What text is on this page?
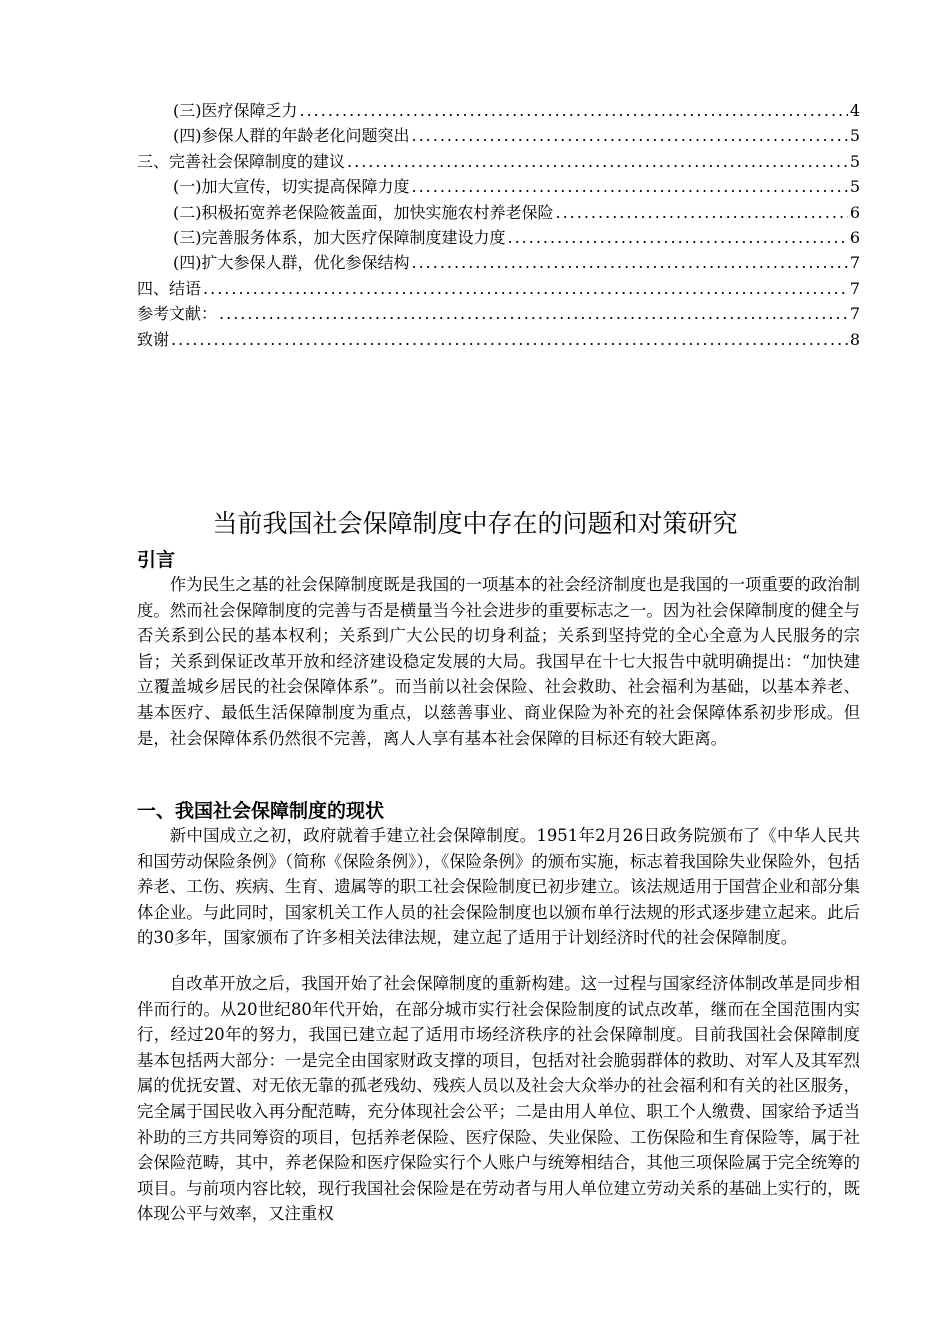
(三)医疗保障乏力 .....	4
(四)参保人群的年龄老化问题突出 .....	5
三、完善社会保障制度的建议 .....	5
(一)加大宣传，切实提高保障力度 .....	5
(二)积极拓宽养老保险筱盖面，加快实施农村养老保险 .....	6
(三)完善服务体系，加大医疗保障制度建设力度 .....	6
(四)扩大参保人群，优化参保结构 .....	7
四、结语 .....	7
参考文献： .....	7
致谢 .....	8
当前我国社会保障制度中存在的问题和对策研究
引言

作为民生之基的社会保障制度既是我国的一项基本的社会经济制度也是我国的一项重要的政治制度。然而社会保障制度的完善与否是横量当今社会进步的重要标志之一。因为社会保障制度的健全与否关系到公民的基本权利；关系到广大公民的切身利益；关系到坚持党的全心全意为人民服务的宗旨；关系到保证改革开放和经济建设稳定发展的大局。我国早在十七大报告中就明确提出：“加快建立覆盖城乡居民的社会保障体系”。而当前以社会保险、社会救助、社会福利为基础，以基本养老、基本医疗、最低生活保障制度为重点，以慈善事业、商业保险为补充的社会保障体系初步形成。但是，社会保障体系仍然很不完善，离人人享有基本社会保障的目标还有较大距离。

一、我国社会保障制度的现状

新中国成立之初，政府就着手建立社会保障制度。1951年2月26日政务院颁布了《中华人民共和国劳动保险条例》（简称《保险条例》），《保险条例》的颁布实施，标志着我国除失业保险外，包括养老、工伤、疾病、生育、遗属等的职工社会保险制度已初步建立。该法规适用于国营企业和部分集体企业。与此同时，国家机关工作人员的社会保险制度也以颁布单行法规的形式逐步建立起来。此后的30多年，国家颁布了许多相关法律法规，建立起了适用于计划经济时代的社会保障制度。

自改革开放之后，我国开始了社会保障制度的重新构建。这一过程与国家经济体制改革是同步相伴而行的。从20世纪80年代开始，在部分城市实行社会保险制度的试点改革，继而在全国范围内实行，经过20年的努力，我国已建立起了适用市场经济秩序的社会保障制度。目前我国社会保障制度基本包括两大部分：一是完全由国家财政支撑的项目，包括对社会脆弱群体的救助、对军人及其军烈属的优抚安置、对无依无靠的孤老残幼、残疾人员以及社会大众举办的社会福利和有关的社区服务，完全属于国民收入再分配范畴，充分体现社会公平；二是由用人单位、职工个人缴费、国家给予适当补助的三方共同筹资的项目，包括养老保险、医疗保险、失业保险、工伤保险和生育保险等，属于社会保险范畴，其中，养老保险和医疗保险实行个人账户与统筹相结合，其他三项保险属于完全统筹的项目。与前项内容比较，现行我国社会保险是在劳动者与用人单位建立劳动关系的基础上实行的，既体现公平与效率，又注重权
